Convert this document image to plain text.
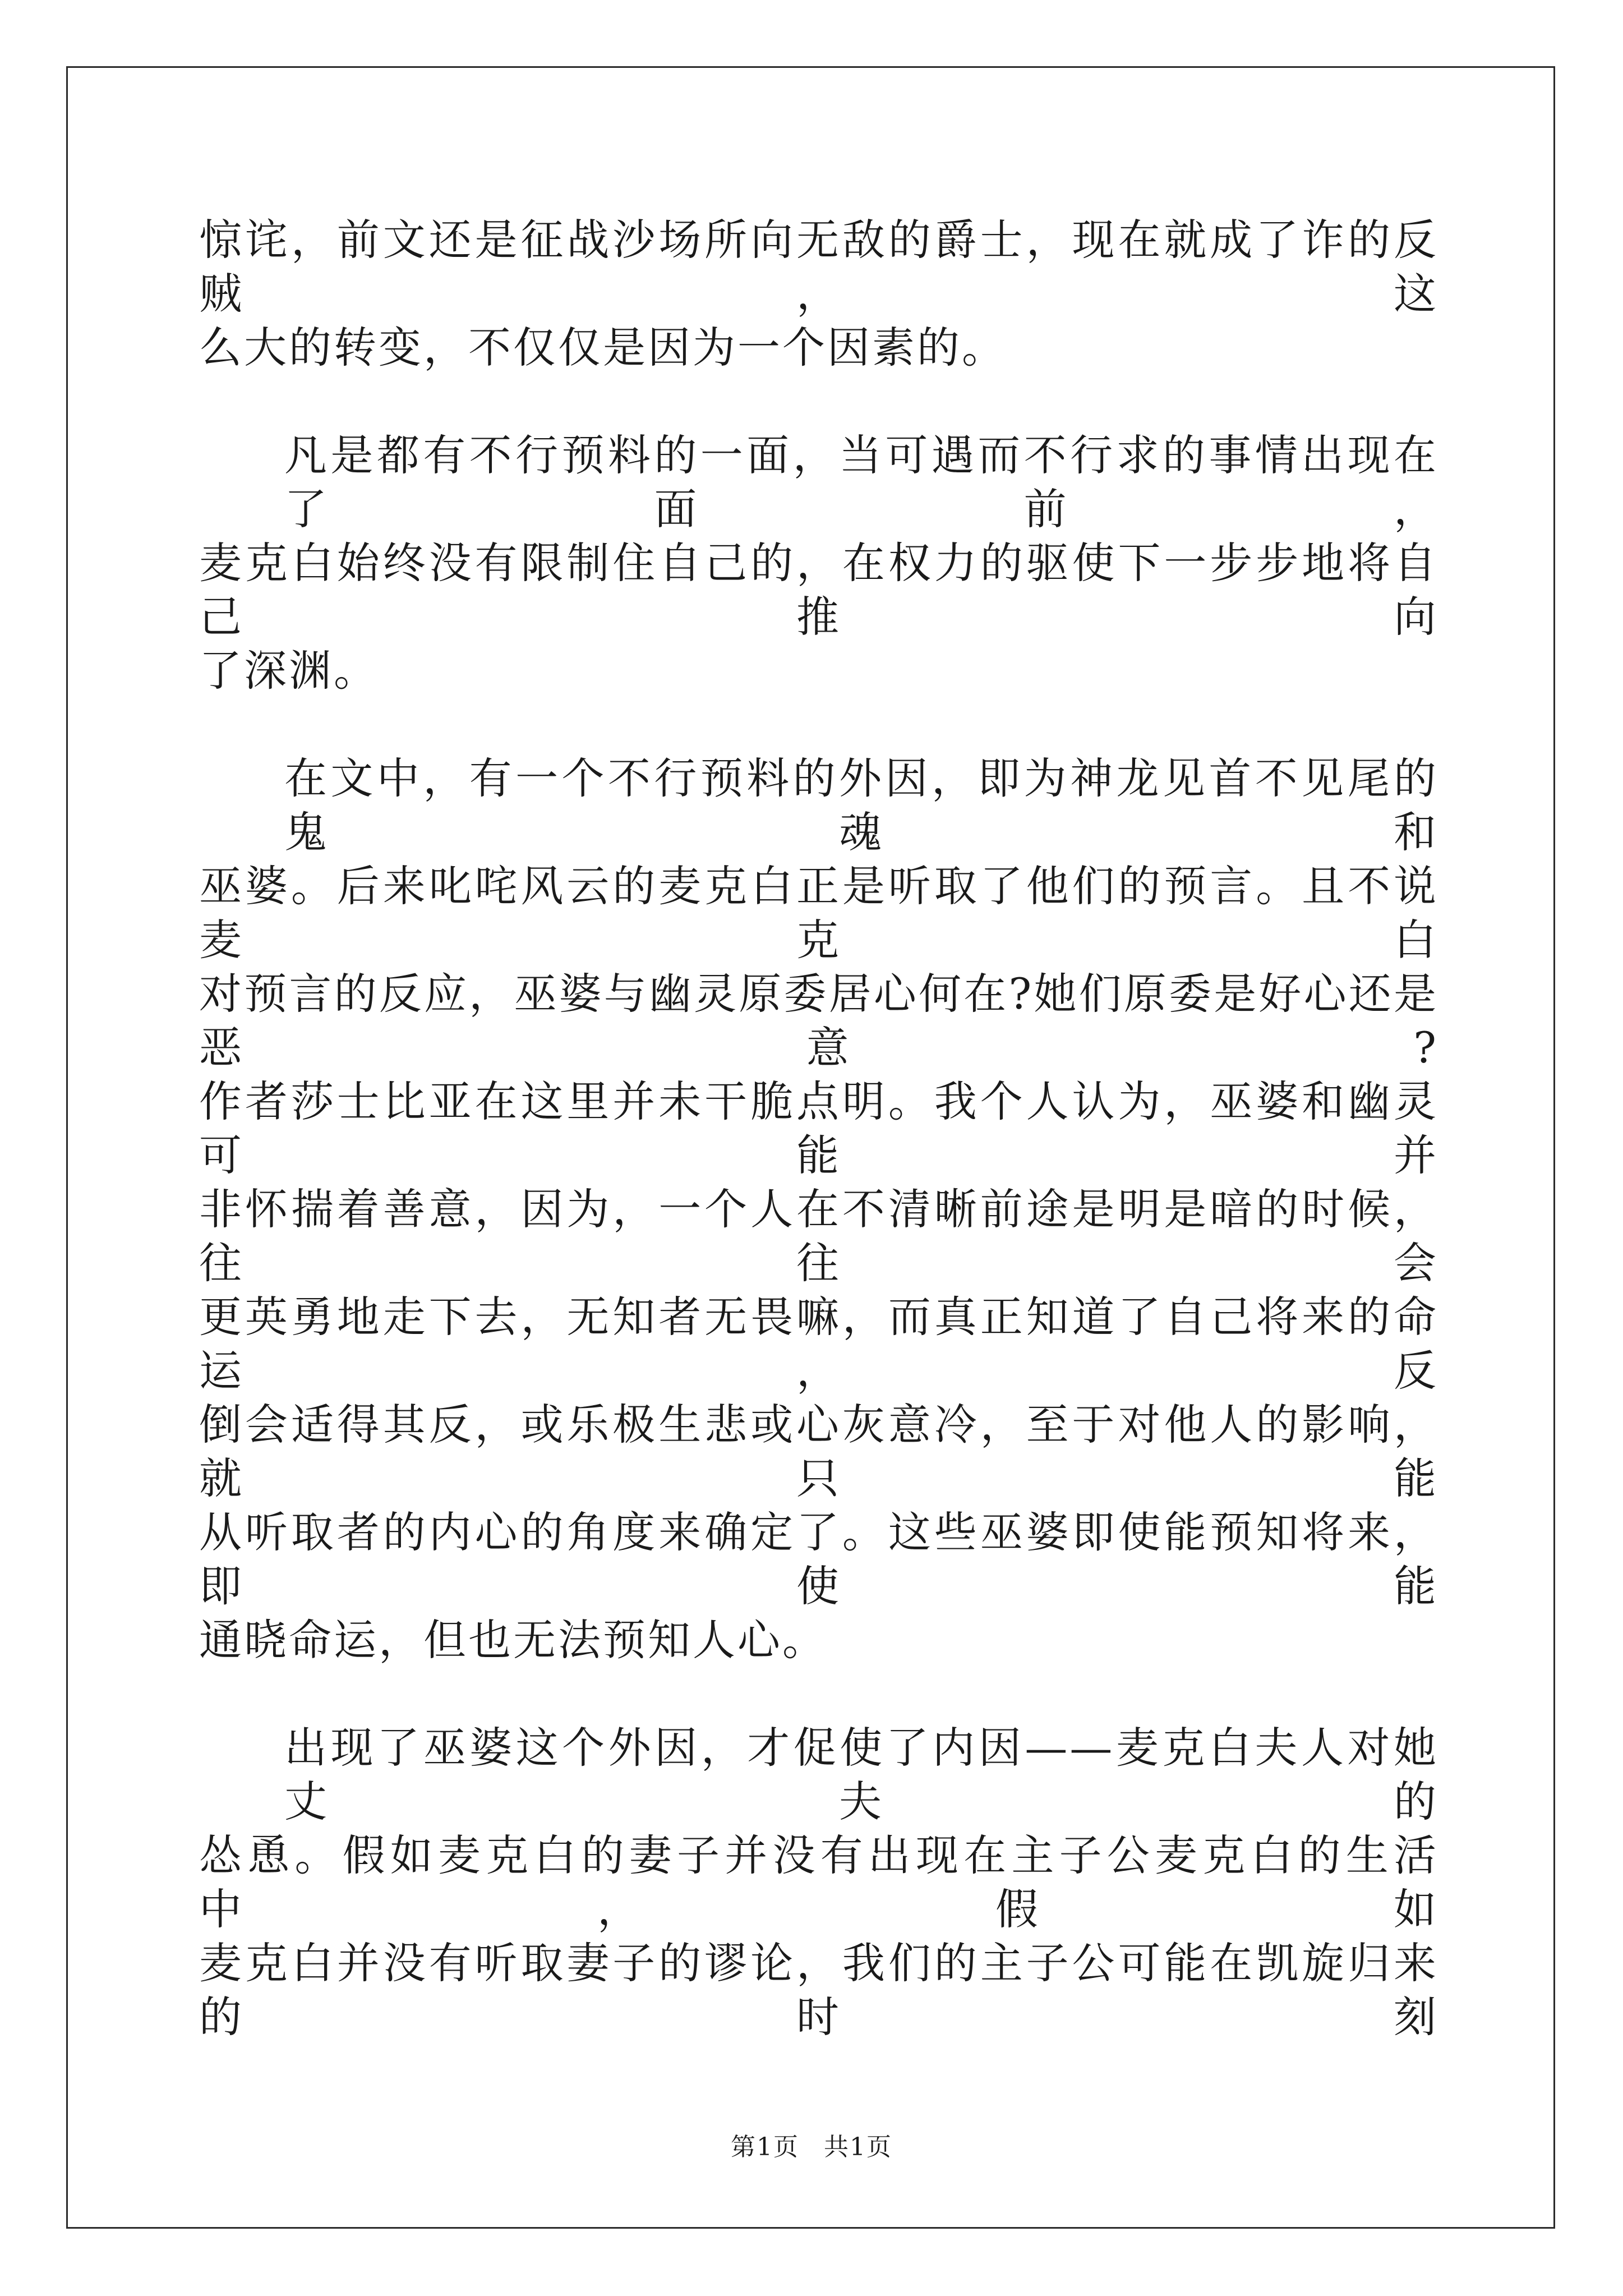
惊诧，前文还是征战沙场所向无敌的爵士，现在就成了诈的反贼，这
么大的转变，不仅仅是因为一个因素的。
凡是都有不行预料的一面，当可遇而不行求的事情出现在了面前，
麦克白始终没有限制住自己的，在权力的驱使下一步步地将自己推向
了深渊。
在文中，有一个不行预料的外因，即为神龙见首不见尾的鬼魂和
巫婆。后来叱咤风云的麦克白正是听取了他们的预言。且不说麦克白
对预言的反应，巫婆与幽灵原委居心何在?她们原委是好心还是恶意?
作者莎士比亚在这里并未干脆点明。我个人认为，巫婆和幽灵可能并
非怀揣着善意，因为，一个人在不清晰前途是明是暗的时候，往往会
更英勇地走下去，无知者无畏嘛，而真正知道了自己将来的命运，反
倒会适得其反，或乐极生悲或心灰意冷，至于对他人的影响，就只能
从听取者的内心的角度来确定了。这些巫婆即使能预知将来，即使能
通晓命运，但也无法预知人心。
出现了巫婆这个外因，才促使了内因——麦克白夫人对她丈夫的
怂恿。假如麦克白的妻子并没有出现在主子公麦克白的生活中，假如
麦克白并没有听取妻子的谬论，我们的主子公可能在凯旋归来的时刻
第1页 共1页
